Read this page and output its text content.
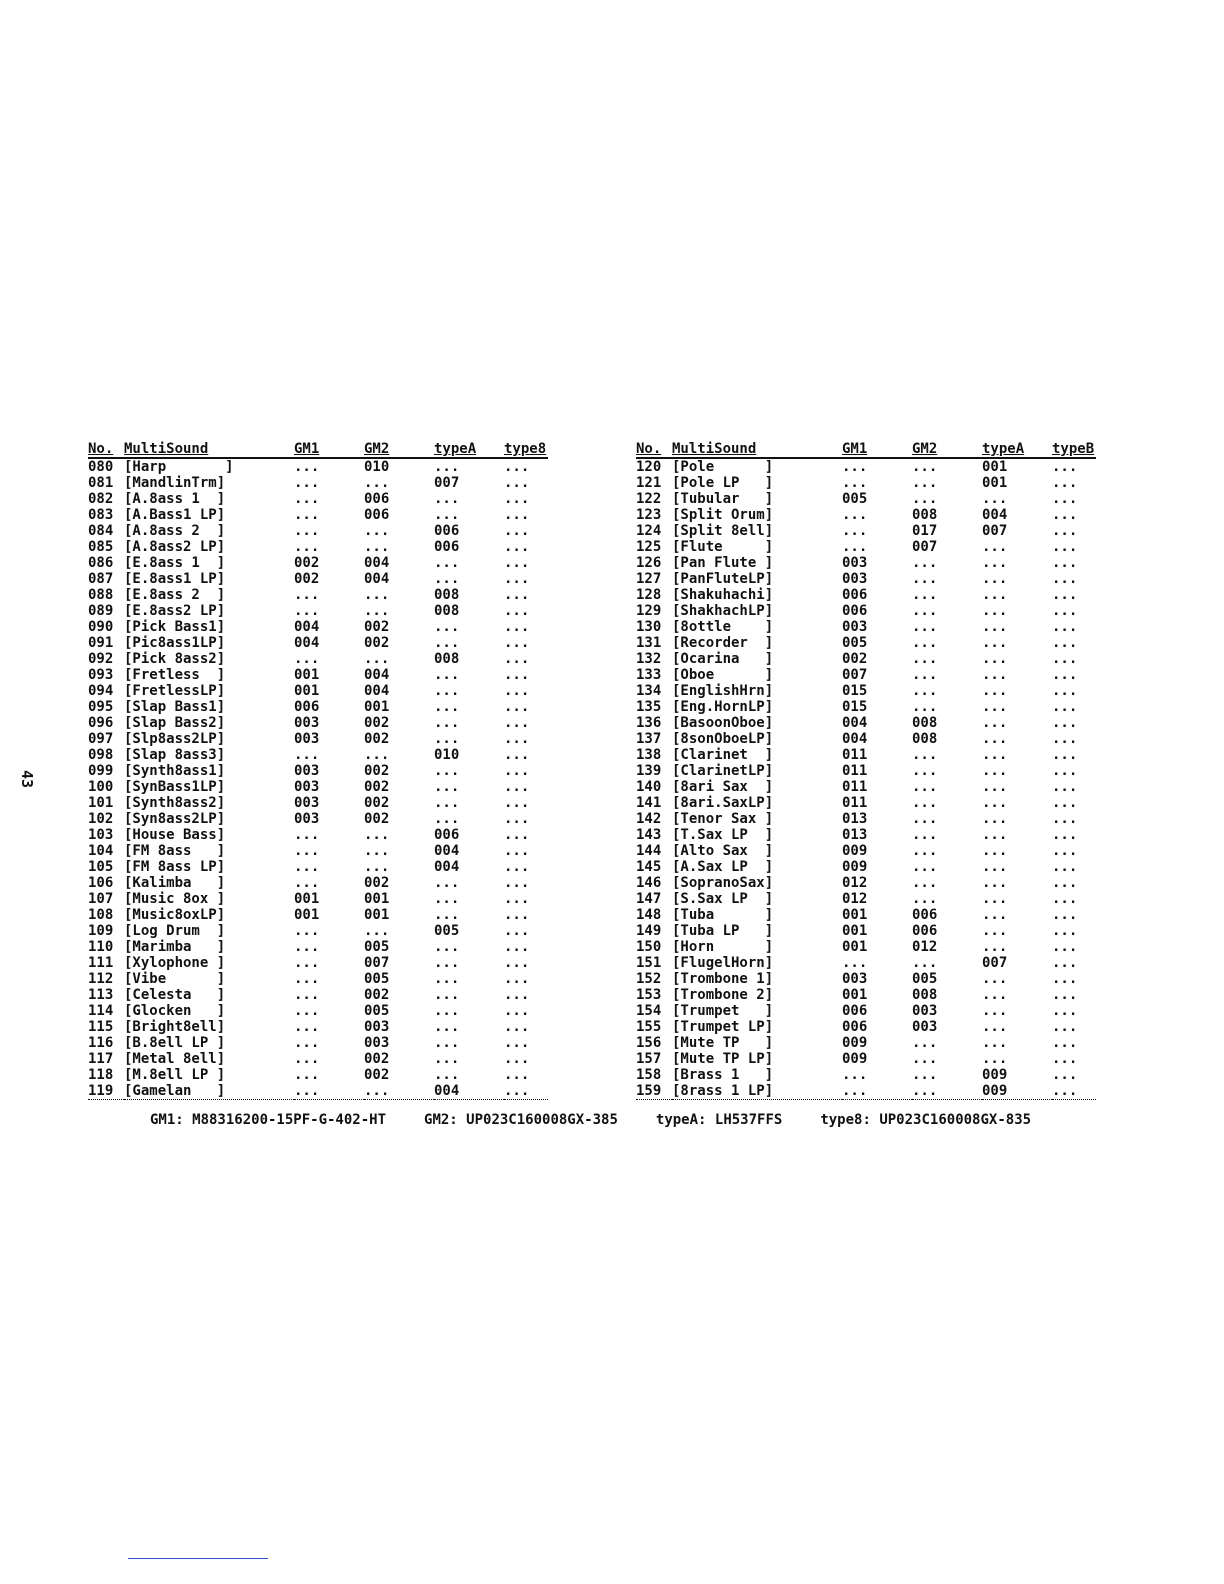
43
No.	MultiSound	GM1	GM2	typeA	type8
080	[Harp       ]	...	010	...	...
081	[MandlinTrm]	...	...	007	...
082	[A.8ass 1  ]	...	006	...	...
083	[A.Bass1 LP]	...	006	...	...
084	[A.8ass 2  ]	...	...	006	...
085	[A.8ass2 LP]	...	...	006	...
086	[E.8ass 1  ]	002	004	...	...
087	[E.8ass1 LP]	002	004	...	...
088	[E.8ass 2  ]	...	...	008	...
089	[E.8ass2 LP]	...	...	008	...
090	[Pick Bass1]	004	002	...	...
091	[Pic8ass1LP]	004	002	...	...
092	[Pick 8ass2]	...	...	008	...
093	[Fretless  ]	001	004	...	...
094	[FretlessLP]	001	004	...	...
095	[Slap Bass1]	006	001	...	...
096	[Slap Bass2]	003	002	...	...
097	[Slp8ass2LP]	003	002	...	...
098	[Slap 8ass3]	...	...	010	...
099	[Synth8ass1]	003	002	...	...
100	[SynBass1LP]	003	002	...	...
101	[Synth8ass2]	003	002	...	...
102	[Syn8ass2LP]	003	002	...	...
103	[House Bass]	...	...	006	...
104	[FM 8ass   ]	...	...	004	...
105	[FM 8ass LP]	...	...	004	...
106	[Kalimba   ]	...	002	...	...
107	[Music 8ox ]	001	001	...	...
108	[Music8oxLP]	001	001	...	...
109	[Log Drum  ]	...	...	005	...
110	[Marimba   ]	...	005	...	...
111	[Xylophone ]	...	007	...	...
112	[Vibe      ]	...	005	...	...
113	[Celesta   ]	...	002	...	...
114	[Glocken   ]	...	005	...	...
115	[Bright8ell]	...	003	...	...
116	[B.8ell LP ]	...	003	...	...
117	[Metal 8ell]	...	002	...	...
118	[M.8ell LP ]	...	002	...	...
119	[Gamelan   ]	...	...	004	...
No.	MultiSound	GM1	GM2	typeA	typeB
120	[Pole      ]	...	...	001	...
121	[Pole LP   ]	...	...	001	...
122	[Tubular   ]	005	...	...	...
123	[Split Orum]	...	008	004	...
124	[Split 8ell]	...	017	007	...
125	[Flute     ]	...	007	...	...
126	[Pan Flute ]	003	...	...	...
127	[PanFluteLP]	003	...	...	...
128	[Shakuhachi]	006	...	...	...
129	[ShakhachLP]	006	...	...	...
130	[8ottle    ]	003	...	...	...
131	[Recorder  ]	005	...	...	...
132	[Ocarina   ]	002	...	...	...
133	[Oboe      ]	007	...	...	...
134	[EnglishHrn]	015	...	...	...
135	[Eng.HornLP]	015	...	...	...
136	[BasoonOboe]	004	008	...	...
137	[8sonOboeLP]	004	008	...	...
138	[Clarinet  ]	011	...	...	...
139	[ClarinetLP]	011	...	...	...
140	[8ari Sax  ]	011	...	...	...
141	[8ari.SaxLP]	011	...	...	...
142	[Tenor Sax ]	013	...	...	...
143	[T.Sax LP  ]	013	...	...	...
144	[Alto Sax  ]	009	...	...	...
145	[A.Sax LP  ]	009	...	...	...
146	[SopranoSax]	012	...	...	...
147	[S.Sax LP  ]	012	...	...	...
148	[Tuba      ]	001	006	...	...
149	[Tuba LP   ]	001	006	...	...
150	[Horn      ]	001	012	...	...
151	[FlugelHorn]	...	...	007	...
152	[Trombone 1]	003	005	...	...
153	[Trombone 2]	001	008	...	...
154	[Trumpet   ]	006	003	...	...
155	[Trumpet LP]	006	003	...	...
156	[Mute TP   ]	009	...	...	...
157	[Mute TP LP]	009	...	...	...
158	[Brass 1   ]	...	...	009	...
159	[8rass 1 LP]	...	...	009	...
GM1: M88316200-15PF-G-402-HT	GM2: UP023C160008GX-385	typeA: LH537FFS	type8: UP023C160008GX-835
